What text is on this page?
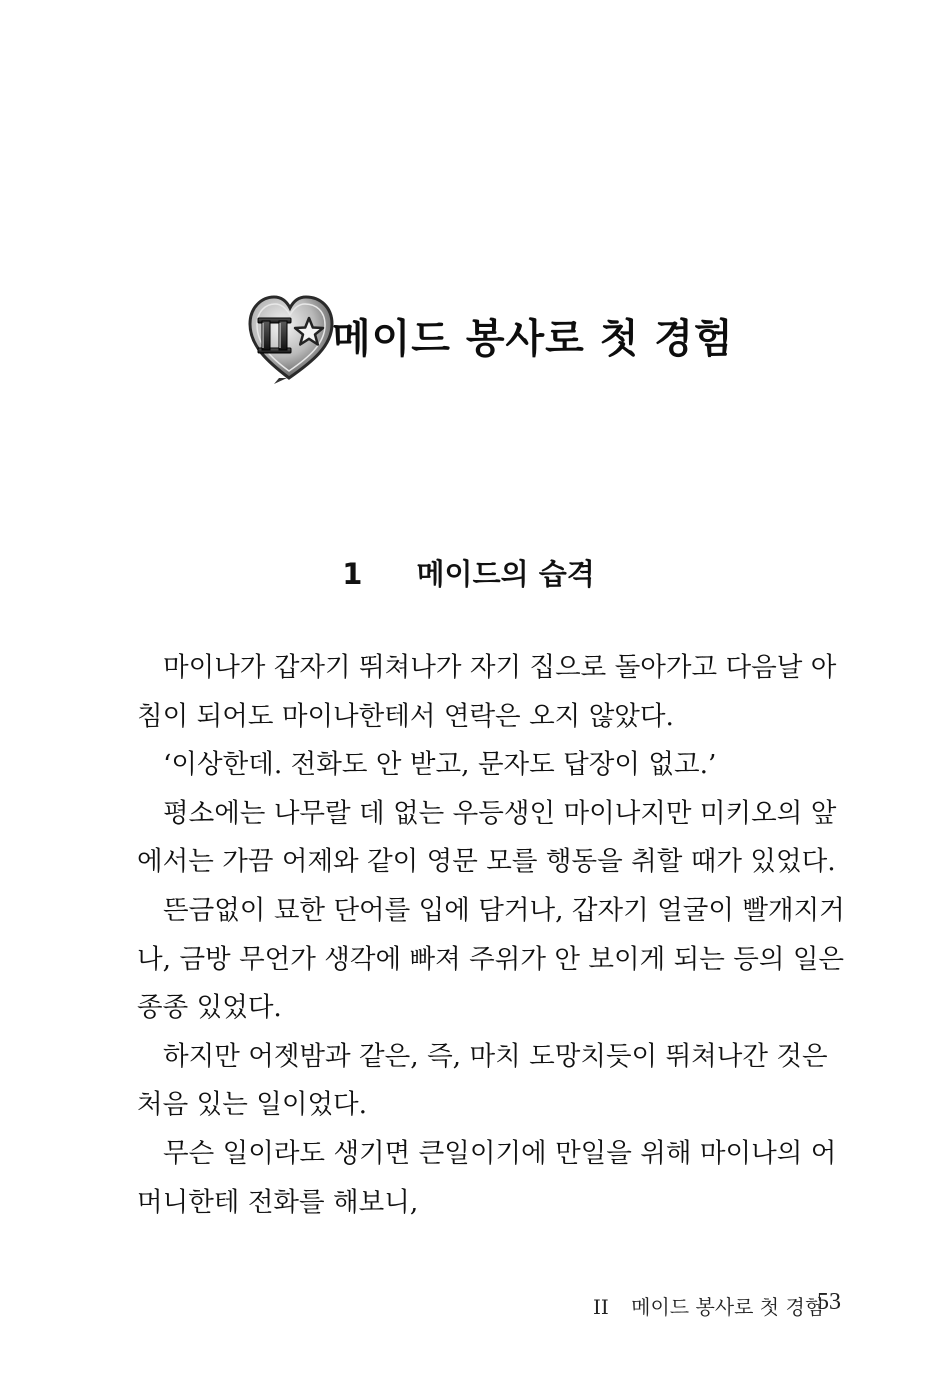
메이드 봉사로 첫 경험
1 메이드의 습격
마이나가 갑자기 뛰쳐나가 자기 집으로 돌아가고 다음날 아
침이 되어도 마이나한테서 연락은 오지 않았다.
‘이상한데. 전화도 안 받고, 문자도 답장이 없고.’
평소에는 나무랄 데 없는 우등생인 마이나지만 미키오의 앞
에서는 가끔 어제와 같이 영문 모를 행동을 취할 때가 있었다.
뜬금없이 묘한 단어를 입에 담거나, 갑자기 얼굴이 빨개지거
나, 금방 무언가 생각에 빠져 주위가 안 보이게 되는 등의 일은
종종 있었다.
하지만 어젯밤과 같은, 즉, 마치 도망치듯이 뛰쳐나간 것은
처음 있는 일이었다.
무슨 일이라도 생기면 큰일이기에 만일을 위해 마이나의 어
머니한테 전화를 해보니,
II 메이드 봉사로 첫 경험
53
